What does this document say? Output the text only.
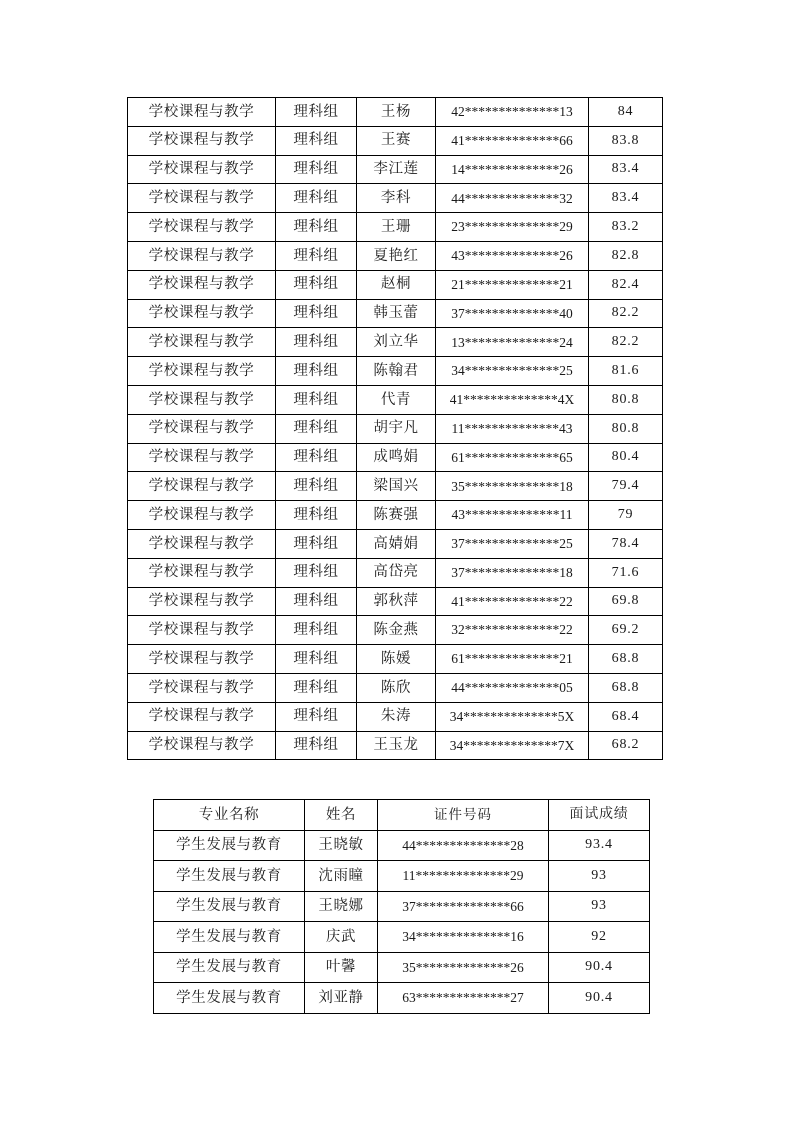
学校课程与教学	理科组	王杨	42**************13	84
学校课程与教学	理科组	王赛	41**************66	83.8
学校课程与教学	理科组	李江莲	14**************26	83.4
学校课程与教学	理科组	李科	44**************32	83.4
学校课程与教学	理科组	王珊	23**************29	83.2
学校课程与教学	理科组	夏艳红	43**************26	82.8
学校课程与教学	理科组	赵桐	21**************21	82.4
学校课程与教学	理科组	韩玉蕾	37**************40	82.2
学校课程与教学	理科组	刘立华	13**************24	82.2
学校课程与教学	理科组	陈翰君	34**************25	81.6
学校课程与教学	理科组	代青	41**************4X	80.8
学校课程与教学	理科组	胡宇凡	11**************43	80.8
学校课程与教学	理科组	成鸣娟	61**************65	80.4
学校课程与教学	理科组	梁国兴	35**************18	79.4
学校课程与教学	理科组	陈赛强	43**************11	79
学校课程与教学	理科组	高婧娟	37**************25	78.4
学校课程与教学	理科组	高岱亮	37**************18	71.6
学校课程与教学	理科组	郭秋萍	41**************22	69.8
学校课程与教学	理科组	陈金燕	32**************22	69.2
学校课程与教学	理科组	陈媛	61**************21	68.8
学校课程与教学	理科组	陈欣	44**************05	68.8
学校课程与教学	理科组	朱涛	34**************5X	68.4
学校课程与教学	理科组	王玉龙	34**************7X	68.2
专业名称	姓名	证件号码	面试成绩
学生发展与教育	王晓敏	44**************28	93.4
学生发展与教育	沈雨瞳	11**************29	93
学生发展与教育	王晓娜	37**************66	93
学生发展与教育	庆武	34**************16	92
学生发展与教育	叶馨	35**************26	90.4
学生发展与教育	刘亚静	63**************27	90.4
